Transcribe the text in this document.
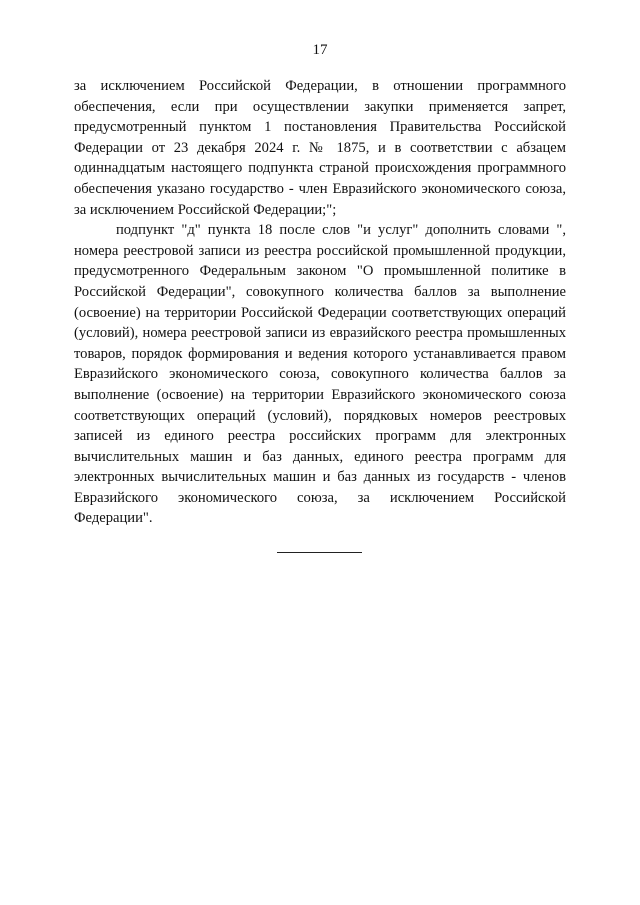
17

за исключением Российской Федерации, в отношении программного обеспечения, если при осуществлении закупки применяется запрет, предусмотренный пунктом 1 постановления Правительства Российской Федерации от 23 декабря 2024 г. № 1875, и в соответствии с абзацем одиннадцатым настоящего подпункта страной происхождения программного обеспечения указано государство - член Евразийского экономического союза, за исключением Российской Федерации;";

подпункт "д" пункта 18 после слов "и услуг" дополнить словами ", номера реестровой записи из реестра российской промышленной продукции, предусмотренного Федеральным законом "О промышленной политике в Российской Федерации", совокупного количества баллов за выполнение (освоение) на территории Российской Федерации соответствующих операций (условий), номера реестровой записи из евразийского реестра промышленных товаров, порядок формирования и ведения которого устанавливается правом Евразийского экономического союза, совокупного количества баллов за выполнение (освоение) на территории Евразийского экономического союза соответствующих операций (условий), порядковых номеров реестровых записей из единого реестра российских программ для электронных вычислительных машин и баз данных, единого реестра программ для электронных вычислительных машин и баз данных из государств - членов Евразийского экономического союза, за исключением Российской Федерации".
